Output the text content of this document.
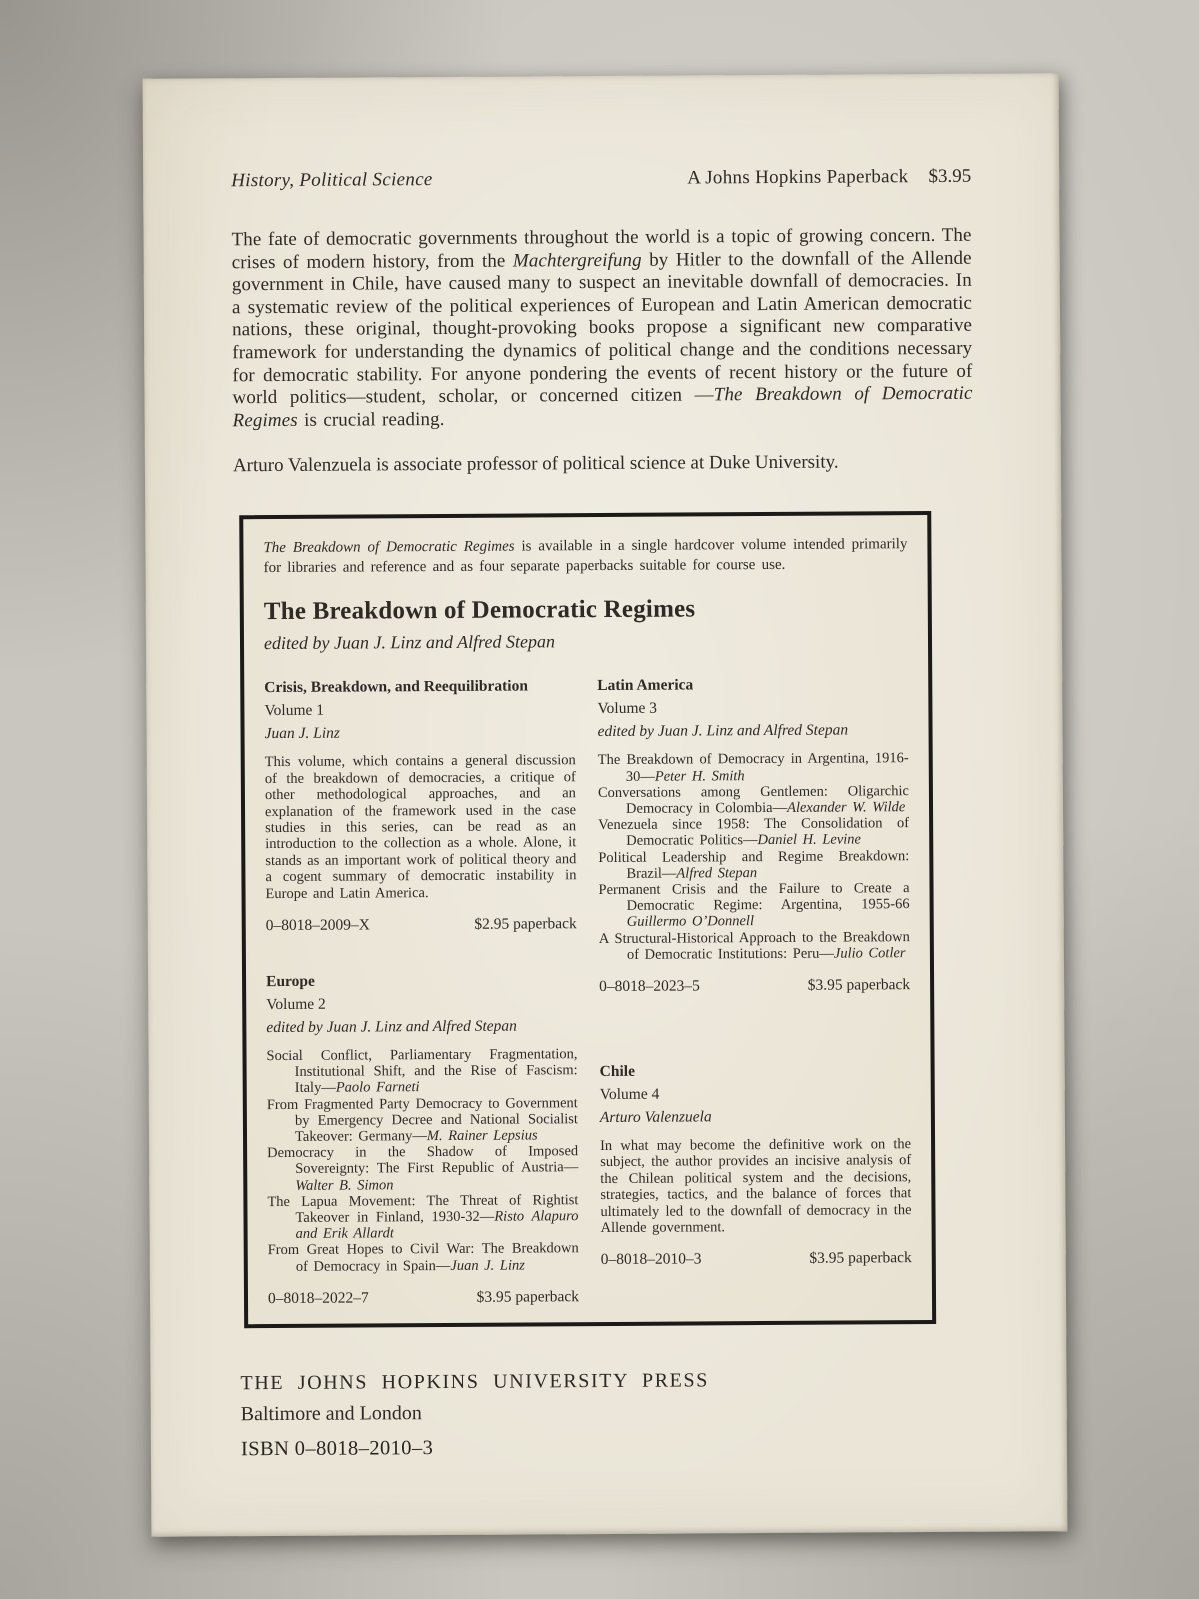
History, Political Science	A Johns Hopkins Paperback $3.95

The fate of democratic governments throughout the world is a topic of growing concern. The crises of modern history, from the Machtergreifung by Hitler to the downfall of the Allende government in Chile, have caused many to suspect an inevitable downfall of democracies. In a systematic review of the political experiences of European and Latin American democratic nations, these original, thought-provoking books propose a significant new comparative framework for understanding the dynamics of political change and the conditions necessary for democratic stability. For anyone pondering the events of recent history or the future of world politics—student, scholar, or concerned citizen —The Breakdown of Democratic Regimes is crucial reading.

Arturo Valenzuela is associate professor of political science at Duke University.

The Breakdown of Democratic Regimes is available in a single hardcover volume intended primarily for libraries and reference and as four separate paperbacks suitable for course use.

The Breakdown of Democratic Regimes

edited by Juan J. Linz and Alfred Stepan

Crisis, Breakdown, and Reequilibration
Volume 1
Juan J. Linz

This volume, which contains a general discussion of the breakdown of democracies, a critique of other methodological approaches, and an explanation of the framework used in the case studies in this series, can be read as an introduction to the collection as a whole. Alone, it stands as an important work of political theory and a cogent summary of democratic instability in Europe and Latin America.

0–8018–2009–X	$2.95 paperback
Europe
Volume 2
edited by Juan J. Linz and Alfred Stepan
Social Conflict, Parliamentary Fragmentation, Institutional Shift, and the Rise of Fascism: Italy—Paolo Farneti
From Fragmented Party Democracy to Government by Emergency Decree and National Socialist Takeover: Germany—M. Rainer Lepsius
Democracy in the Shadow of Imposed Sovereignty: The First Republic of Austria—Walter B. Simon
The Lapua Movement: The Threat of Rightist Takeover in Finland, 1930-32—Risto Alapuro and Erik Allardt
From Great Hopes to Civil War: The Breakdown of Democracy in Spain—Juan J. Linz
0–8018–2022–7	$3.95 paperback
Latin America
Volume 3
edited by Juan J. Linz and Alfred Stepan
The Breakdown of Democracy in Argentina, 1916-30—Peter H. Smith
Conversations among Gentlemen: Oligarchic Democracy in Colombia—Alexander W. Wilde
Venezuela since 1958: The Consolidation of Democratic Politics—Daniel H. Levine
Political Leadership and Regime Breakdown: Brazil—Alfred Stepan
Permanent Crisis and the Failure to Create a Democratic Regime: Argentina, 1955-66 Guillermo O’Donnell
A Structural-Historical Approach to the Breakdown of Democratic Institutions: Peru—Julio Cotler
0–8018–2023–5	$3.95 paperback
Chile
Volume 4
Arturo Valenzuela

In what may become the definitive work on the subject, the author provides an incisive analysis of the Chilean political system and the decisions, strategies, tactics, and the balance of forces that ultimately led to the downfall of democracy in the Allende government.

0–8018–2010–3	$3.95 paperback
THE JOHNS HOPKINS UNIVERSITY PRESS
Baltimore and London
ISBN 0–8018–2010–3
